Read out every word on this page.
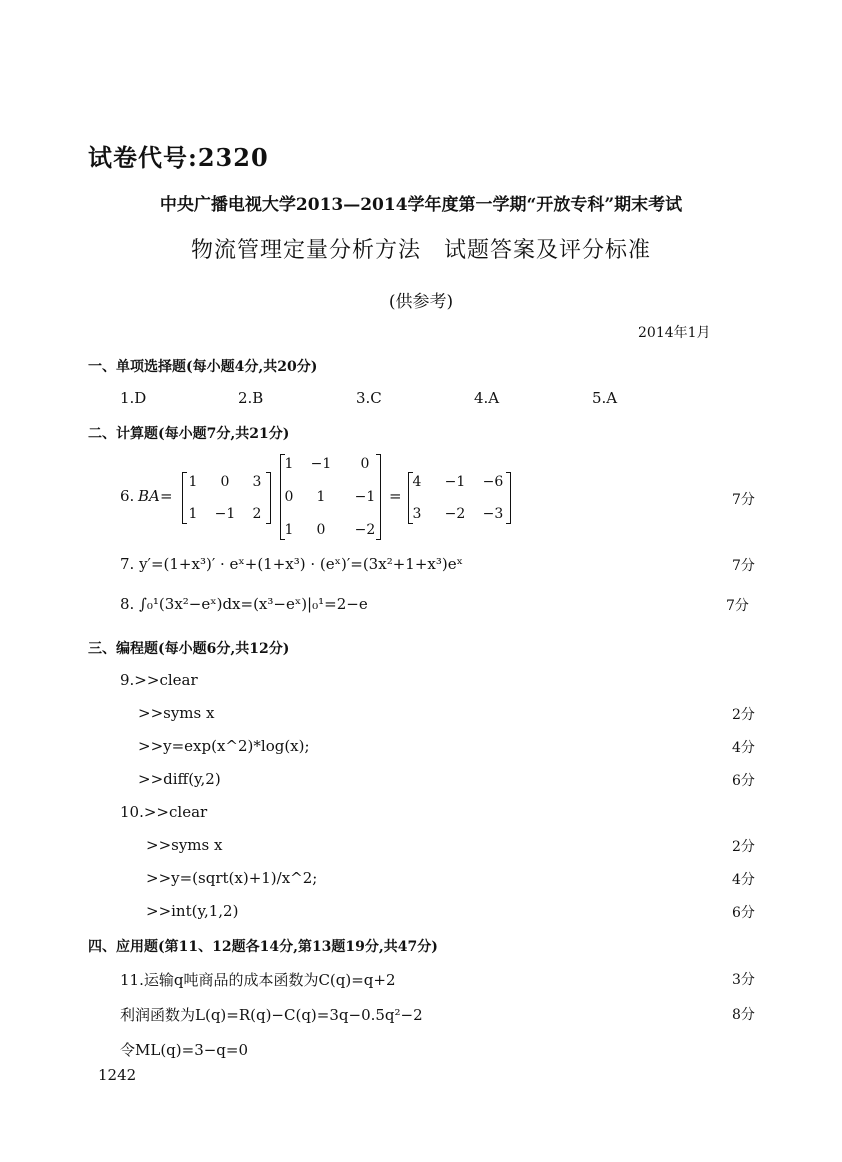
试卷代号:2320
中央广播电视大学2013—2014学年度第一学期“开放专科”期末考试
物流管理定量分析方法　试题答案及评分标准
(供参考)
2014年1月
一、单项选择题(每小题4分,共20分)
1.D	2.B	3.C	4.A	5.A
二、计算题(每小题7分,共21分)
6. BA =
1	0	3
1	−1	2
1	−1	0
0	1	−1
1	0	−2
=
4	−1 −6
3	−2 −3
7分
7. y′=(1+x³)′ · eˣ+(1+x³) · (eˣ)′=(3x²+1+x³)eˣ	7分
8. ∫₀¹(3x²−eˣ)dx=(x³−eˣ)|₀¹=2−e	7分
三、编程题(每小题6分,共12分)
9.>>clear
>>syms x	2分
>>y=exp(x^2)*log(x);	4分
>>diff(y,2)	6分
10.>>clear
>>syms x	2分
>>y=(sqrt(x)+1)/x^2;	4分
>>int(y,1,2)	6分
四、应用题(第11、12题各14分,第13题19分,共47分)
11.运输q吨商品的成本函数为C(q)=q+2	3分
利润函数为L(q)=R(q)−C(q)=3q−0.5q²−2	8分
令ML(q)=3−q=0
1242
